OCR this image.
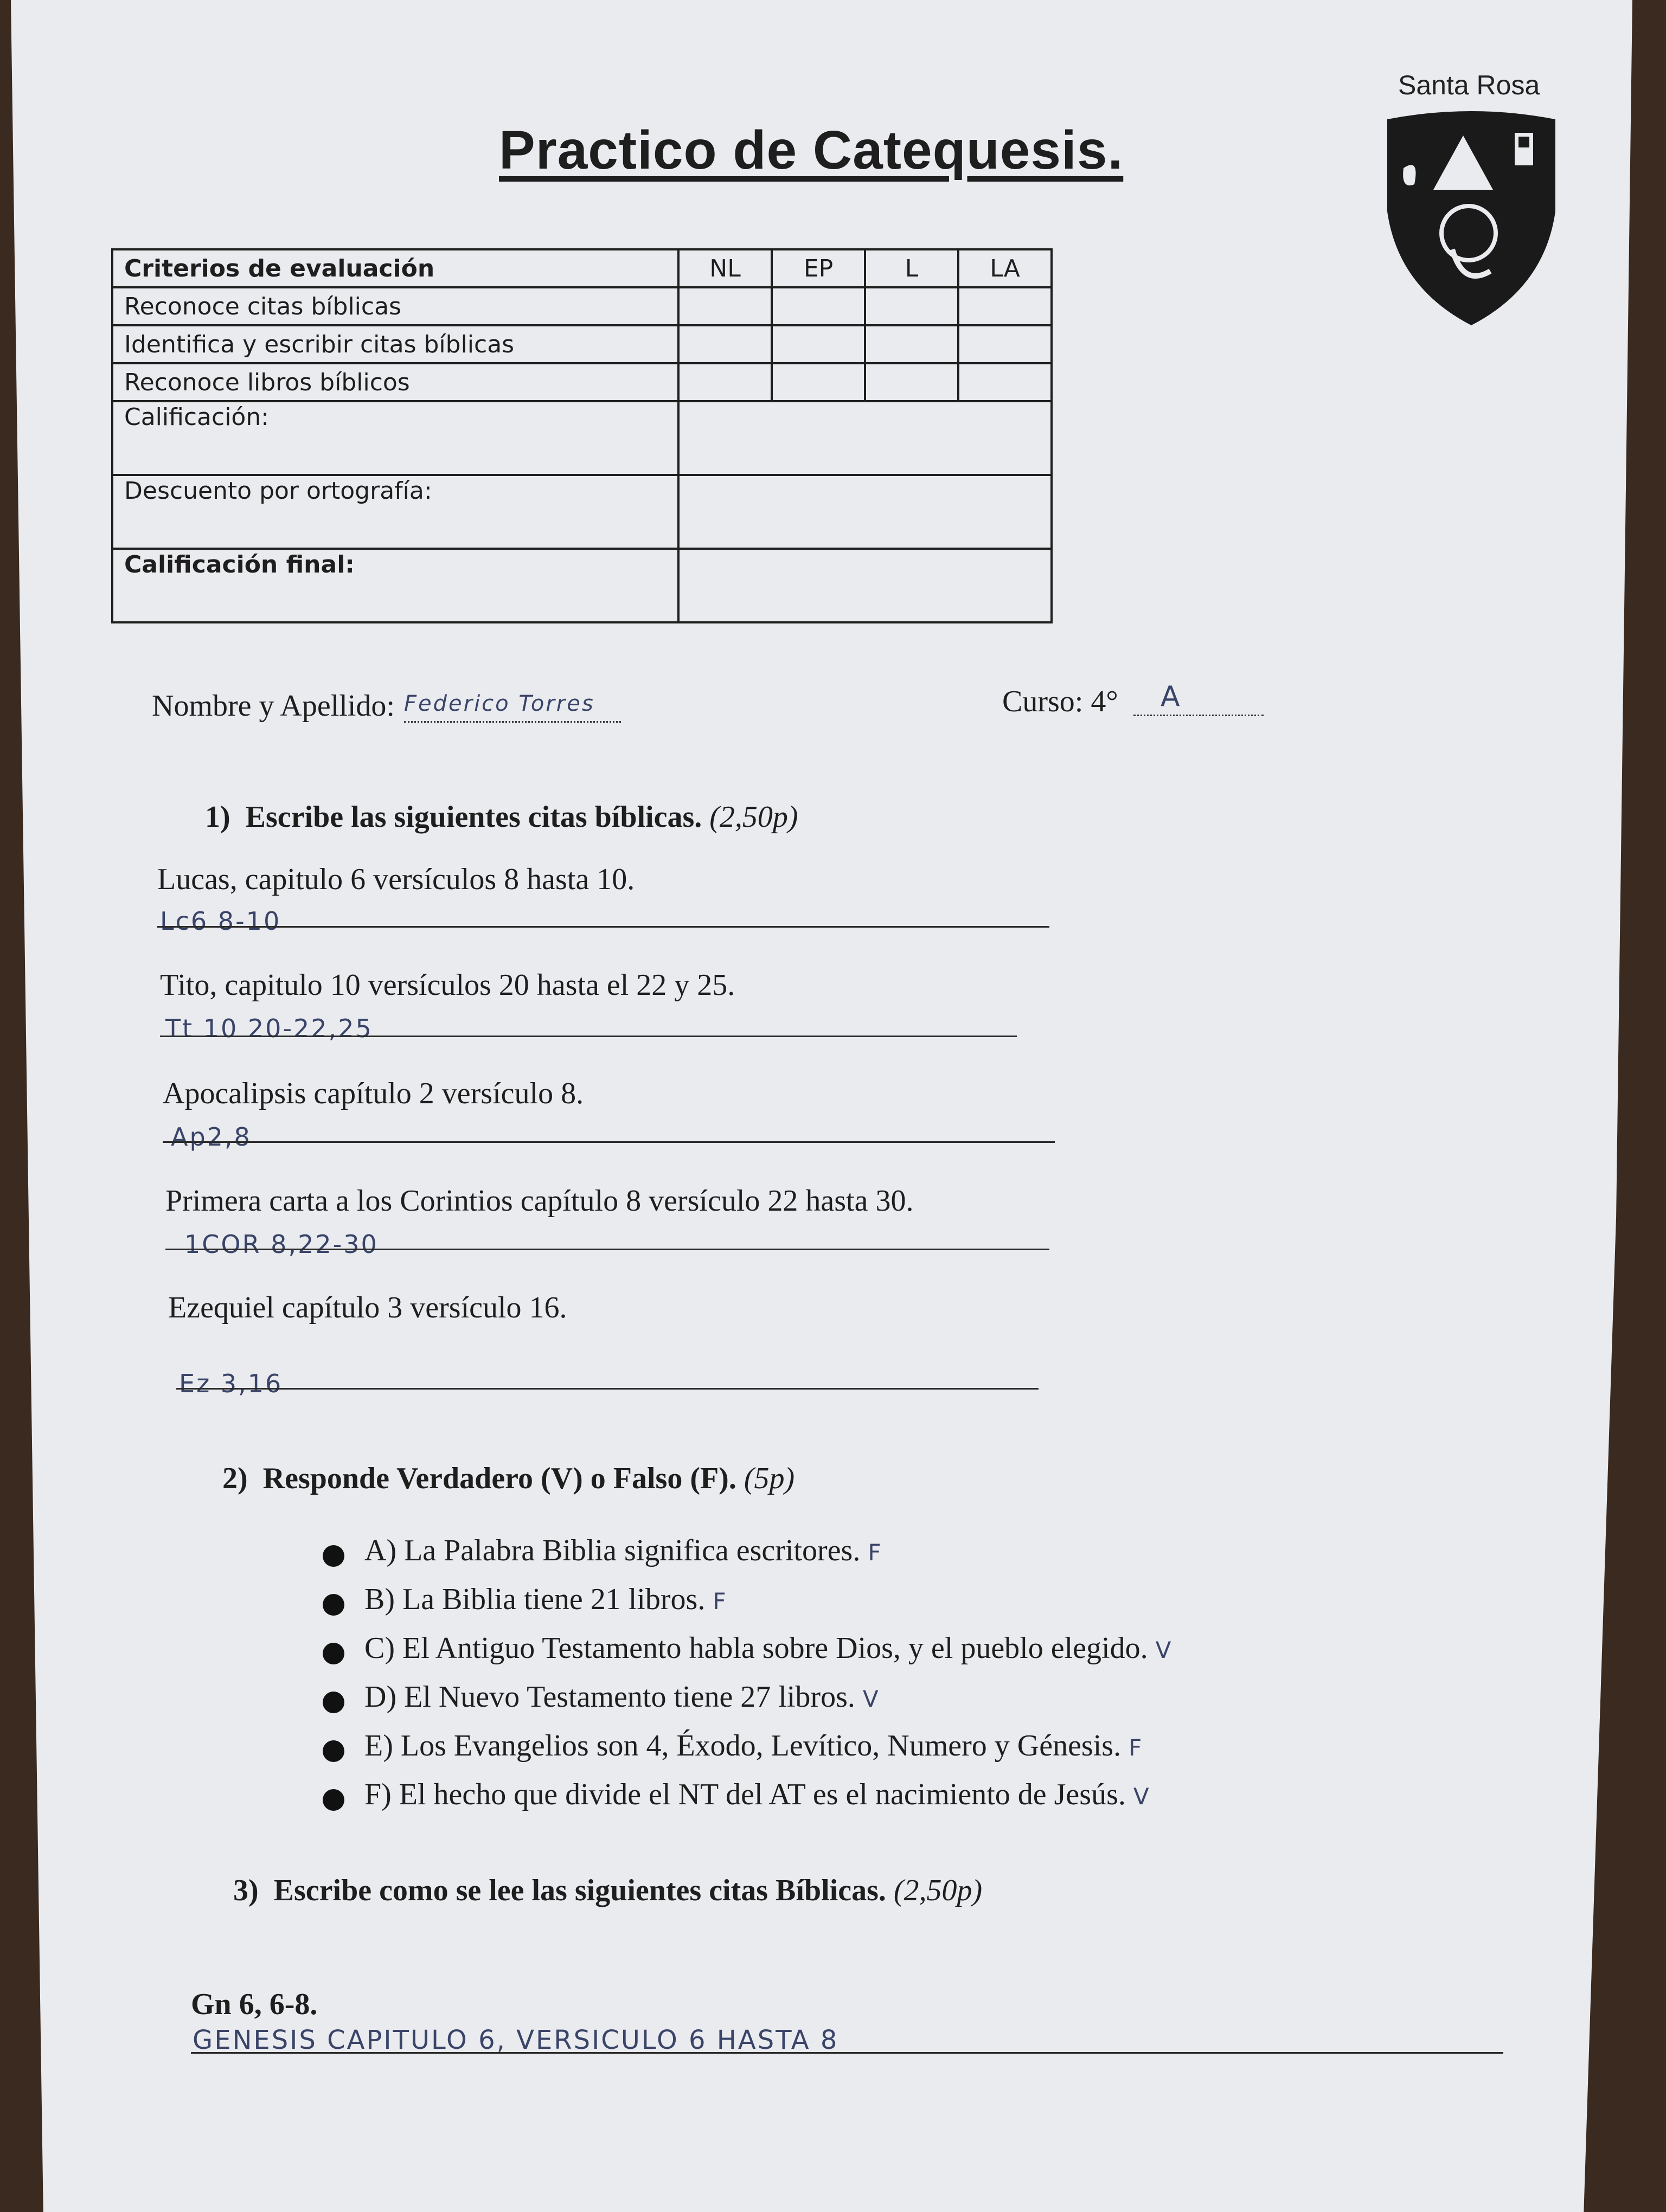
Practico de Catequesis.
Santa Rosa
Criterios de evaluación	NL	EP	L	LA
Reconoce citas bíblicas				
Identifica y escribir citas bíblicas				
Reconoce libros bíblicos				
Calificación:				
Descuento por ortografía:				
Calificación final:				
Nombre y Apellido: Federico Torres	Curso: 4° A
1) Escribe las siguientes citas bíblicas. (2,50p)
Lucas, capitulo 6 versículos 8 hasta 10.
Lc6 8-10
Tito, capitulo 10 versículos 20 hasta el 22 y 25.
Tt 10 20-22,25
Apocalipsis capítulo 2 versículo 8.
Ap2,8
Primera carta a los Corintios capítulo 8 versículo 22 hasta 30.
1COR 8,22-30
Ezequiel capítulo 3 versículo 16.
Ez 3,16
2) Responde Verdadero (V) o Falso (F). (5p)
A) La Palabra Biblia significa escritores. F
B) La Biblia tiene 21 libros. F
C) El Antiguo Testamento habla sobre Dios, y el pueblo elegido. V
D) El Nuevo Testamento tiene 27 libros. V
E) Los Evangelios son 4, Éxodo, Levítico, Numero y Génesis. F
F) El hecho que divide el NT del AT es el nacimiento de Jesús. V
3) Escribe como se lee las siguientes citas Bíblicas. (2,50p)
Gn 6, 6-8.
GENESIS CAPITULO 6, VERSICULO 6 HASTA 8
